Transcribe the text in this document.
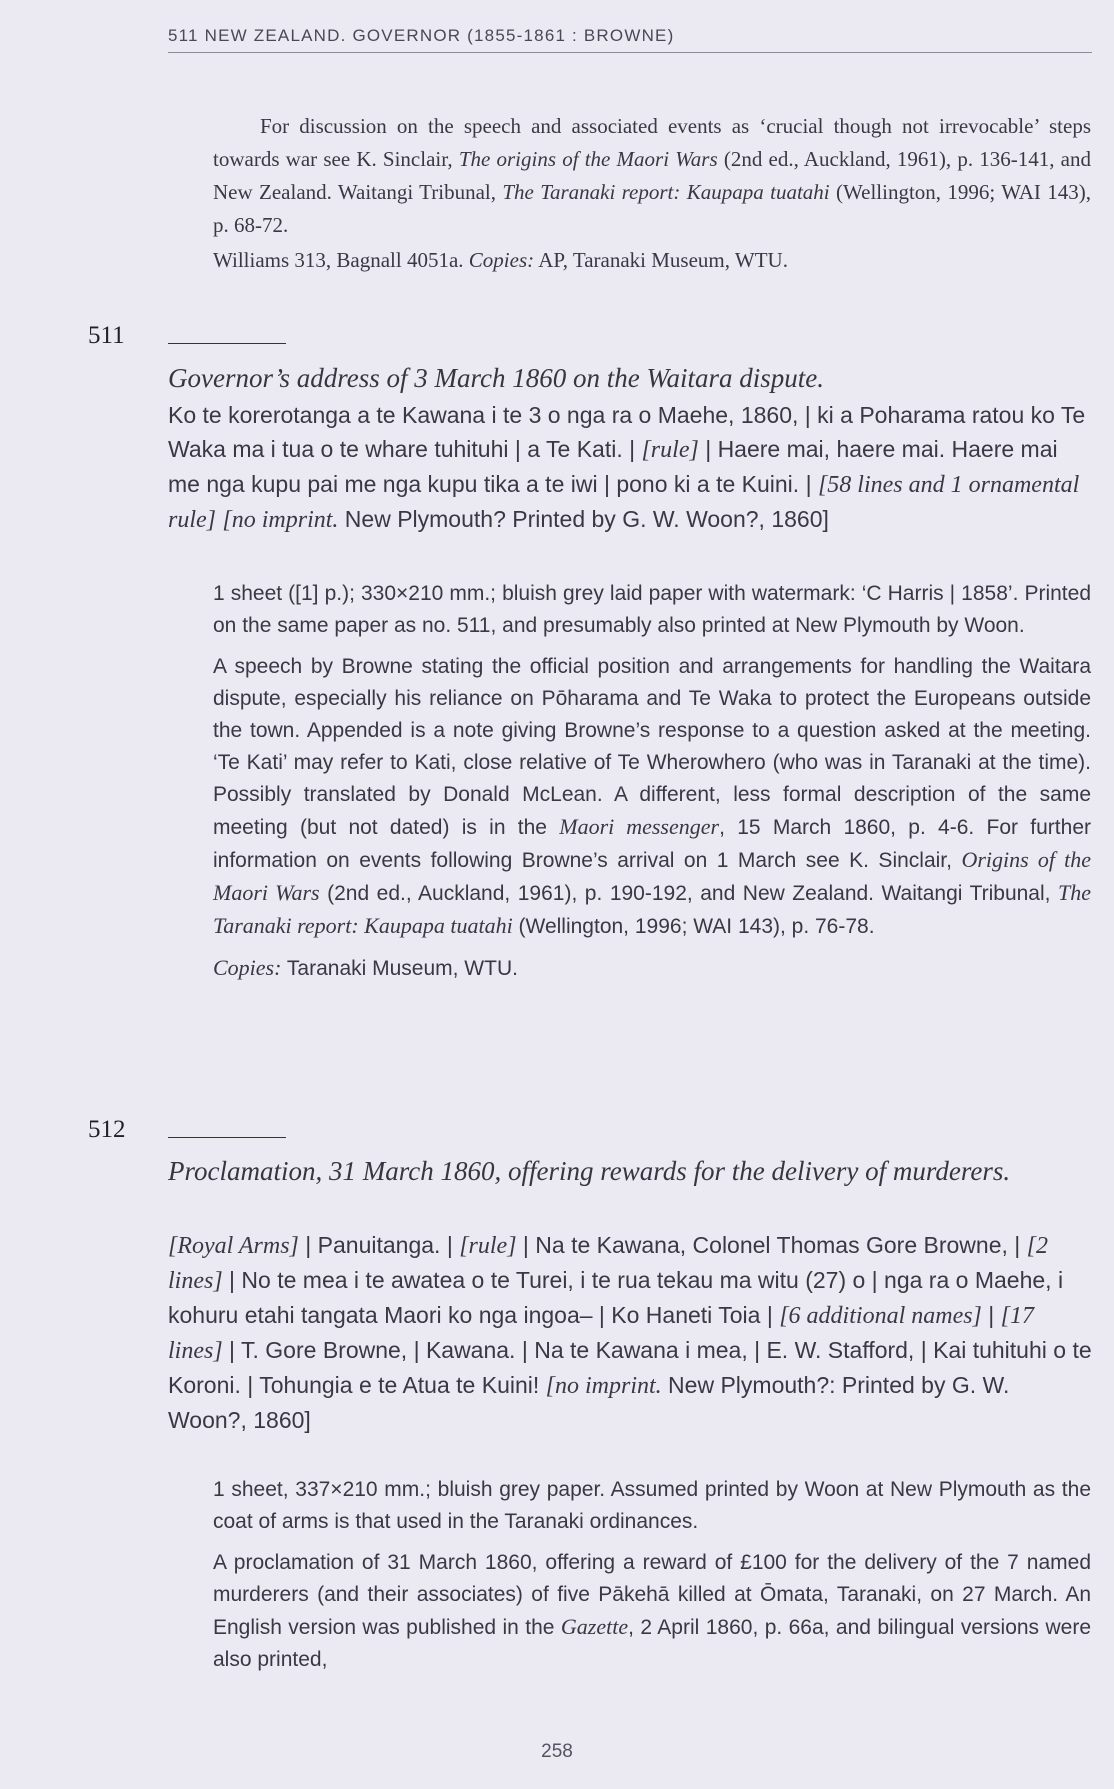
511 NEW ZEALAND. GOVERNOR (1855-1861 : BROWNE)

For discussion on the speech and associated events as ‘crucial though not irrevocable’ steps towards war see K. Sinclair, The origins of the Maori Wars (2nd ed., Auckland, 1961), p. 136-141, and New Zealand. Waitangi Tribunal, The Taranaki report: Kaupapa tuatahi (Wellington, 1996; WAI 143), p. 68-72.

Williams 313, Bagnall 4051a. Copies: AP, Taranaki Museum, WTU.

511
Governor’s address of 3 March 1860 on the Waitara dispute.
Ko te korerotanga a te Kawana i te 3 o nga ra o Maehe, 1860, | ki a Poharama ratou ko Te Waka ma i tua o te whare tuhituhi | a Te Kati. | [rule] | Haere mai, haere mai. Haere mai me nga kupu pai me nga kupu tika a te iwi | pono ki a te Kuini. | [58 lines and 1 ornamental rule] [no imprint. New Plymouth? Printed by G. W. Woon?, 1860]

1 sheet ([1] p.); 330×210 mm.; bluish grey laid paper with watermark: ‘C Harris | 1858’. Printed on the same paper as no. 511, and presumably also printed at New Plymouth by Woon.

A speech by Browne stating the official position and arrangements for handling the Waitara dispute, especially his reliance on Pōharama and Te Waka to protect the Europeans outside the town. Appended is a note giving Browne’s response to a question asked at the meeting. ‘Te Kati’ may refer to Kati, close relative of Te Wherowhero (who was in Taranaki at the time). Possibly translated by Donald McLean. A different, less formal description of the same meeting (but not dated) is in the Maori messenger, 15 March 1860, p. 4-6. For further information on events following Browne’s arrival on 1 March see K. Sinclair, Origins of the Maori Wars (2nd ed., Auckland, 1961), p. 190-192, and New Zealand. Waitangi Tribunal, The Taranaki report: Kaupapa tuatahi (Wellington, 1996; WAI 143), p. 76-78.

Copies: Taranaki Museum, WTU.

512
Proclamation, 31 March 1860, offering rewards for the delivery of murderers.
[Royal Arms] | Panuitanga. | [rule] | Na te Kawana, Colonel Thomas Gore Browne, | [2 lines] | No te mea i te awatea o te Turei, i te rua tekau ma witu (27) o | nga ra o Maehe, i kohuru etahi tangata Maori ko nga ingoa– | Ko Haneti Toia | [6 additional names] | [17 lines] | T. Gore Browne, | Kawana. | Na te Kawana i mea, | E. W. Stafford, | Kai tuhituhi o te Koroni. | Tohungia e te Atua te Kuini! [no imprint. New Plymouth?: Printed by G. W. Woon?, 1860]

1 sheet, 337×210 mm.; bluish grey paper. Assumed printed by Woon at New Plymouth as the coat of arms is that used in the Taranaki ordinances.

A proclamation of 31 March 1860, offering a reward of £100 for the delivery of the 7 named murderers (and their associates) of five Pākehā killed at Ōmata, Taranaki, on 27 March. An English version was published in the Gazette, 2 April 1860, p. 66a, and bilingual versions were also printed,

258
